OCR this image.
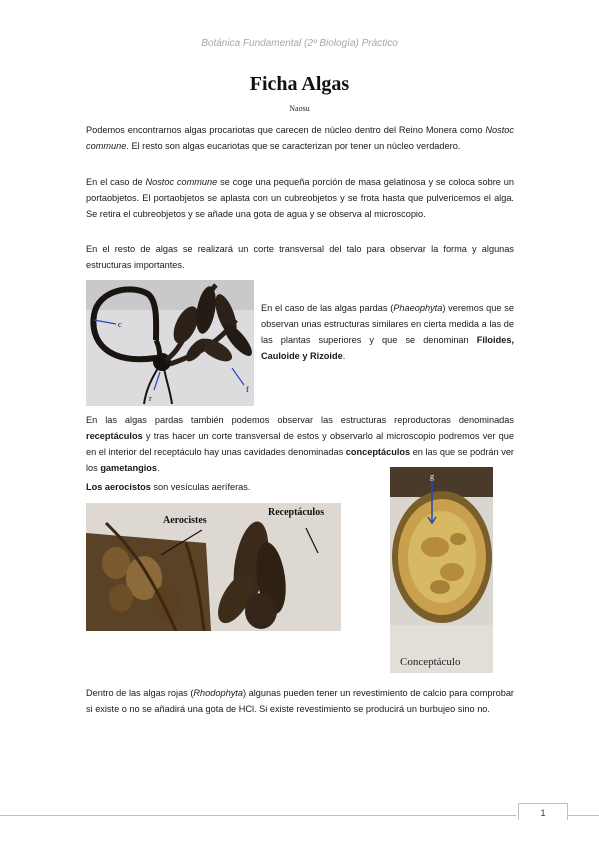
Botánica Fundamental (2º Biología) Práctico
Ficha Algas
Naosu

Podemos encontrarnos algas procariotas que carecen de núcleo dentro del Reino Monera como Nostoc commune. El resto son algas eucariotas que se caracterizan por tener un núcleo verdadero.

En el caso de Nostoc commune se coge una pequeña porción de masa gelatinosa y se coloca sobre un portaobjetos. El portaobjetos se aplasta con un cubreobjetos y se frota hasta que pulvericemos el alga. Se retira el cubreobjetos y se añade una gota de agua y se observa al microscopio.

En el resto de algas se realizará un corte transversal del talo para observar la forma y algunas estructuras importantes.

c
r
f

En el caso de las algas pardas (Phaeophyta) veremos que se observan unas estructuras similares en cierta medida a las de las plantas superiores y que se denominan Filoides, Cauloide y Rizoide.

En las algas pardas también podemos observar las estructuras reproductoras denominadas receptáculos y tras hacer un corte transversal de estos y observarlo al microscopio podremos ver que en el interior del receptáculo hay unas cavidades denominadas conceptáculos en las que se podrán ver los gametangios.

Los aerocistos son vesículas aeríferas.

Aerocistes
Receptáculos
g
Conceptáculo

Dentro de las algas rojas (Rhodophyta) algunas pueden tener un revestimiento de calcio para comprobar si existe o no se añadirá una gota de HCl. Si existe revestimiento se producirá un burbujeo sino no.

1
